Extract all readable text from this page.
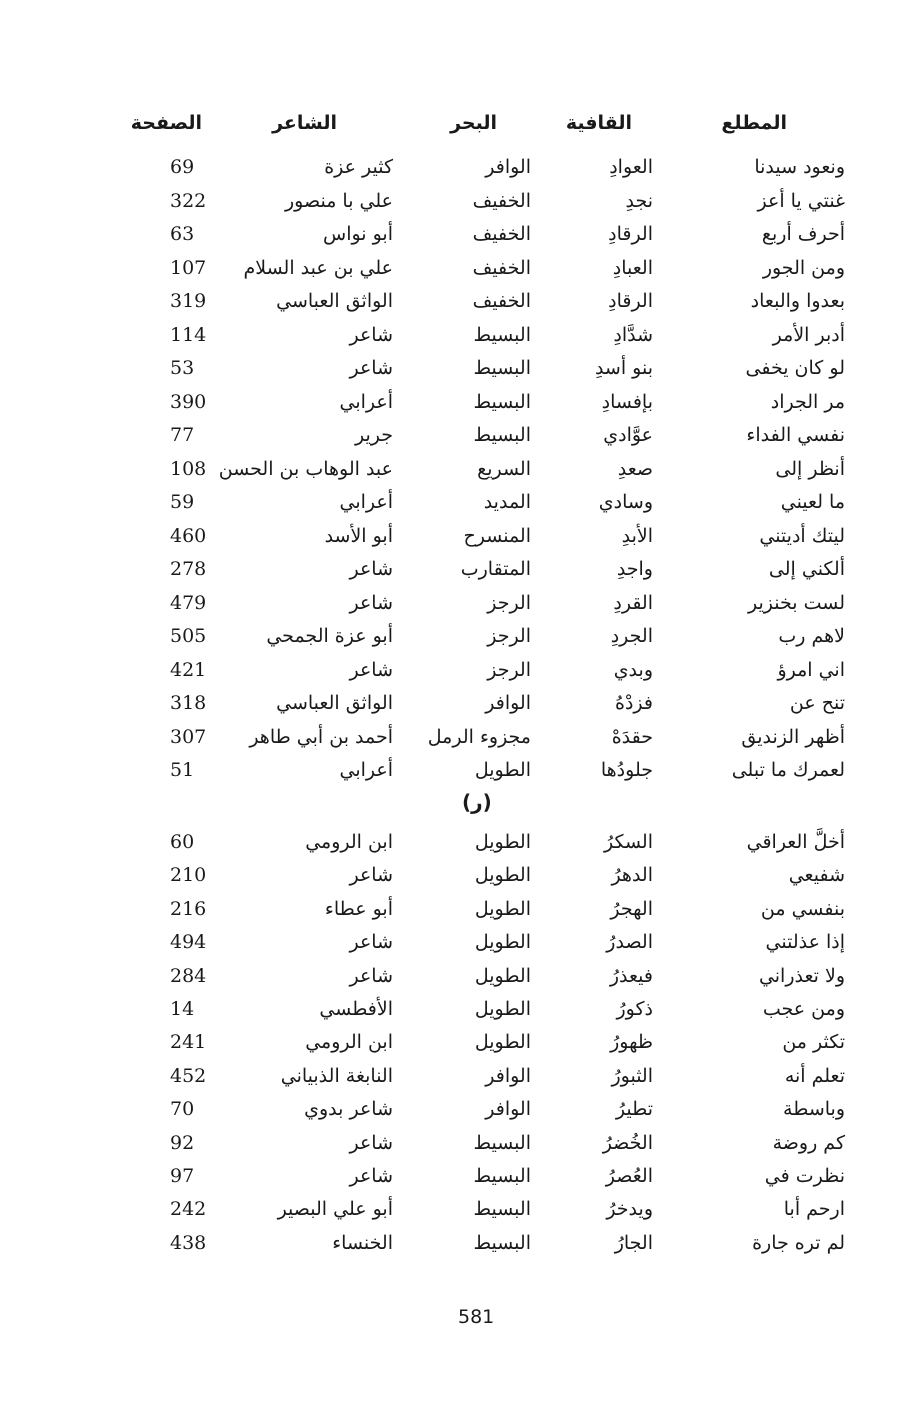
المطلع
القافية
البحر
الشاعر
الصفحة
ونعود سيدنا
العوادِ
الوافر
كثير عزة
69
غنتي يا أعز
نجدِ
الخفيف
علي با منصور
322
أحرف أربع
الرقادِ
الخفيف
أبو نواس
63
ومن الجور
العبادِ
الخفيف
علي بن عبد السلام
107
بعدوا والبعاد
الرقادِ
الخفيف
الواثق العباسي
319
أدبر الأمر
شدَّادِ
البسيط
شاعر
114
لو كان يخفى
بنو أسدِ
البسيط
شاعر
53
مر الجراد
بإفسادِ
البسيط
أعرابي
390
نفسي الفداء
عوَّادي
البسيط
جرير
77
أنظر إلى
صعدِ
السريع
عبد الوهاب بن الحسن
108
ما لعيني
وسادي
المديد
أعرابي
59
ليتك أديتني
الأبدِ
المنسرح
أبو الأسد
460
ألكني إلى
واجدِ
المتقارب
شاعر
278
لست بخنزير
القردِ
الرجز
شاعر
479
لاهم رب
الجردِ
الرجز
أبو عزة الجمحي
505
اني امرؤ
وبدي
الرجز
شاعر
421
تنح عن
فزدْهُ
الوافر
الواثق العباسي
318
أظهر الزنديق
حقدَهْ
مجزوء الرمل
أحمد بن أبي طاهر
307
لعمرك ما تبلى
جلودُها
الطويل
أعرابي
51
(ر)
أخلَّ العراقي
السكرُ
الطويل
ابن الرومي
60
شفيعي
الدهرُ
الطويل
شاعر
210
بنفسي من
الهجرُ
الطويل
أبو عطاء
216
إذا عذلتني
الصدرُ
الطويل
شاعر
494
ولا تعذراني
فيعذرُ
الطويل
شاعر
284
ومن عجب
ذكورُ
الطويل
الأفطسي
14
تكثر من
ظهورُ
الطويل
ابن الرومي
241
تعلم أنه
الثبورُ
الوافر
النابغة الذبياني
452
وباسطة
تطيرُ
الوافر
شاعر بدوي
70
كم روضة
الخُضرُ
البسيط
شاعر
92
نظرت في
العُصرُ
البسيط
شاعر
97
ارحم أبا
ويدخرُ
البسيط
أبو علي البصير
242
لم تره جارة
الجارُ
البسيط
الخنساء
438
581
